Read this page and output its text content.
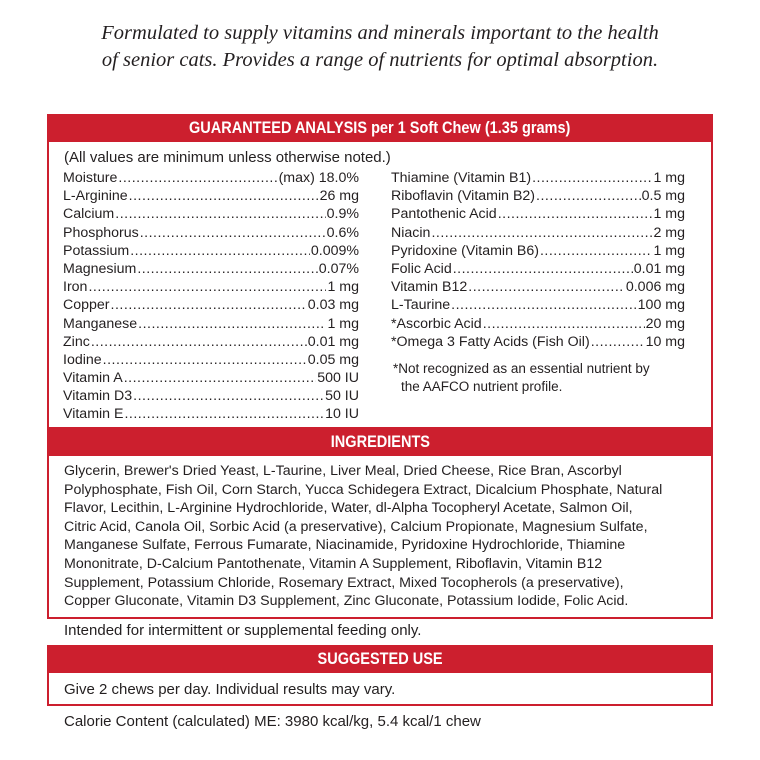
Formulated to supply vitamins and minerals important to the health
of senior cats. Provides a range of nutrients for optimal absorption.
GUARANTEED ANALYSIS per 1 Soft Chew (1.35 grams)
(All values are minimum unless otherwise noted.)
Moisture .....	(max) 18.0%
L-Arginine .....	26 mg
Calcium .....	0.9%
Phosphorus .....	0.6%
Potassium .....	0.009%
Magnesium .....	0.07%
Iron .....	1 mg
Copper .....	0.03 mg
Manganese .....	1 mg
Zinc .....	0.01 mg
Iodine .....	0.05 mg
Vitamin A .....	500 IU
Vitamin D3 .....	50 IU
Vitamin E .....	10 IU
Thiamine (Vitamin B1) .....	1 mg
Riboflavin (Vitamin B2) .....	0.5 mg
Pantothenic Acid .....	1 mg
Niacin .....	2 mg
Pyridoxine (Vitamin B6) .....	1 mg
Folic Acid .....	0.01 mg
Vitamin B12 .....	0.006 mg
L-Taurine .....	100 mg
*Ascorbic Acid .....	20 mg
*Omega 3 Fatty Acids (Fish Oil) .....	10 mg
*Not recognized as an essential nutrient by
the AAFCO nutrient profile.
INGREDIENTS
Glycerin, Brewer's Dried Yeast, L-Taurine, Liver Meal, Dried Cheese, Rice Bran, Ascorbyl
Polyphosphate, Fish Oil, Corn Starch, Yucca Schidegera Extract, Dicalcium Phosphate, Natural
Flavor, Lecithin, L-Arginine Hydrochloride, Water, dl-Alpha Tocopheryl Acetate, Salmon Oil,
Citric Acid, Canola Oil, Sorbic Acid (a preservative), Calcium Propionate, Magnesium Sulfate,
Manganese Sulfate, Ferrous Fumarate, Niacinamide, Pyridoxine Hydrochloride, Thiamine
Mononitrate, D-Calcium Pantothenate, Vitamin A Supplement, Riboflavin, Vitamin B12
Supplement, Potassium Chloride, Rosemary Extract, Mixed Tocopherols (a preservative),
Copper Gluconate, Vitamin D3 Supplement, Zinc Gluconate, Potassium Iodide, Folic Acid.
Intended for intermittent or supplemental feeding only.
SUGGESTED USE
Give 2 chews per day. Individual results may vary.
Calorie Content (calculated) ME: 3980 kcal/kg, 5.4 kcal/1 chew
